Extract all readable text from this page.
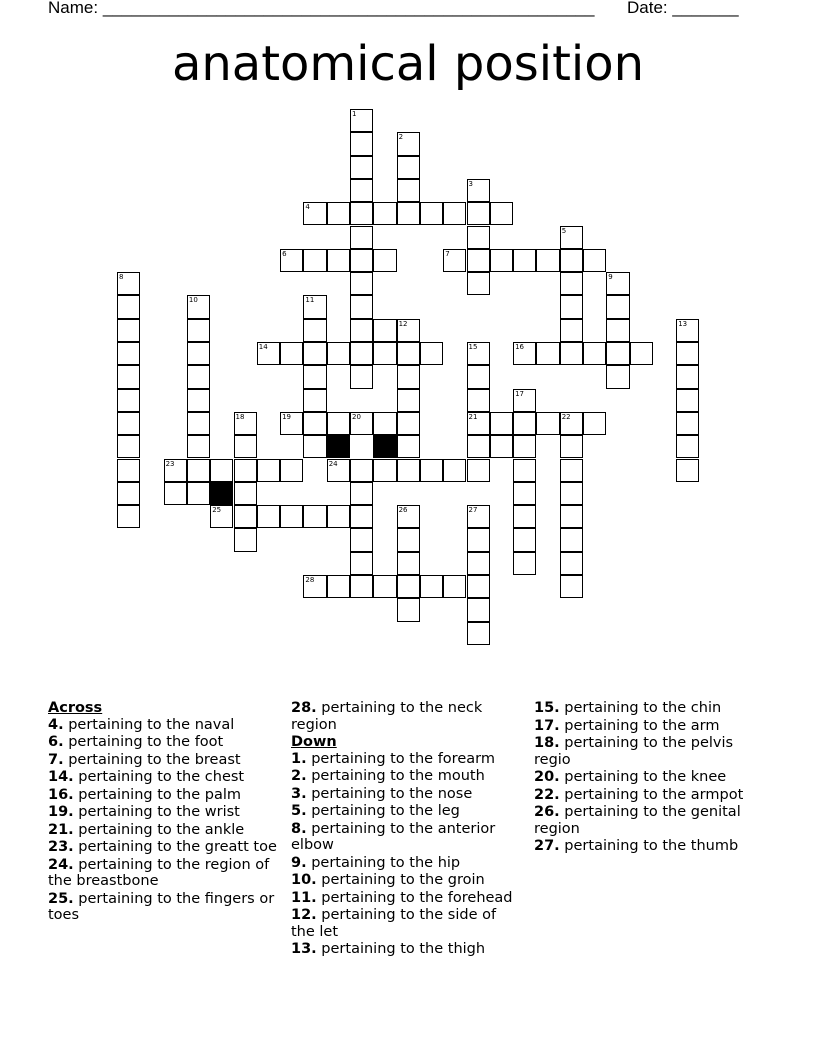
Name: ____________________________________________________ Date: _______
anatomical position
1
2
3
4
5
6	7
8	9
10	11
12	13
14	15	16
17
18	19	20	21	22
23	24
25	26	27
28
Across
4. pertaining to the naval
6. pertaining to the foot
7. pertaining to the breast
14. pertaining to the chest
16. pertaining to the palm
19. pertaining to the wrist
21. pertaining to the ankle
23. pertaining to the greatt toe
24. pertaining to the region of the breastbone
25. pertaining to the fingers or toes
28. pertaining to the neck region
Down
1. pertaining to the forearm
2. pertaining to the mouth
3. pertaining to the nose
5. pertaining to the leg
8. pertaining to the anterior elbow
9. pertaining to the hip
10. pertaining to the groin
11. pertaining to the forehead
12. pertaining to the side of the let
13. pertaining to the thigh
15. pertaining to the chin
17. pertaining to the arm
18. pertaining to the pelvis regio
20. pertaining to the knee
22. pertaining to the armpot
26. pertaining to the genital region
27. pertaining to the thumb
